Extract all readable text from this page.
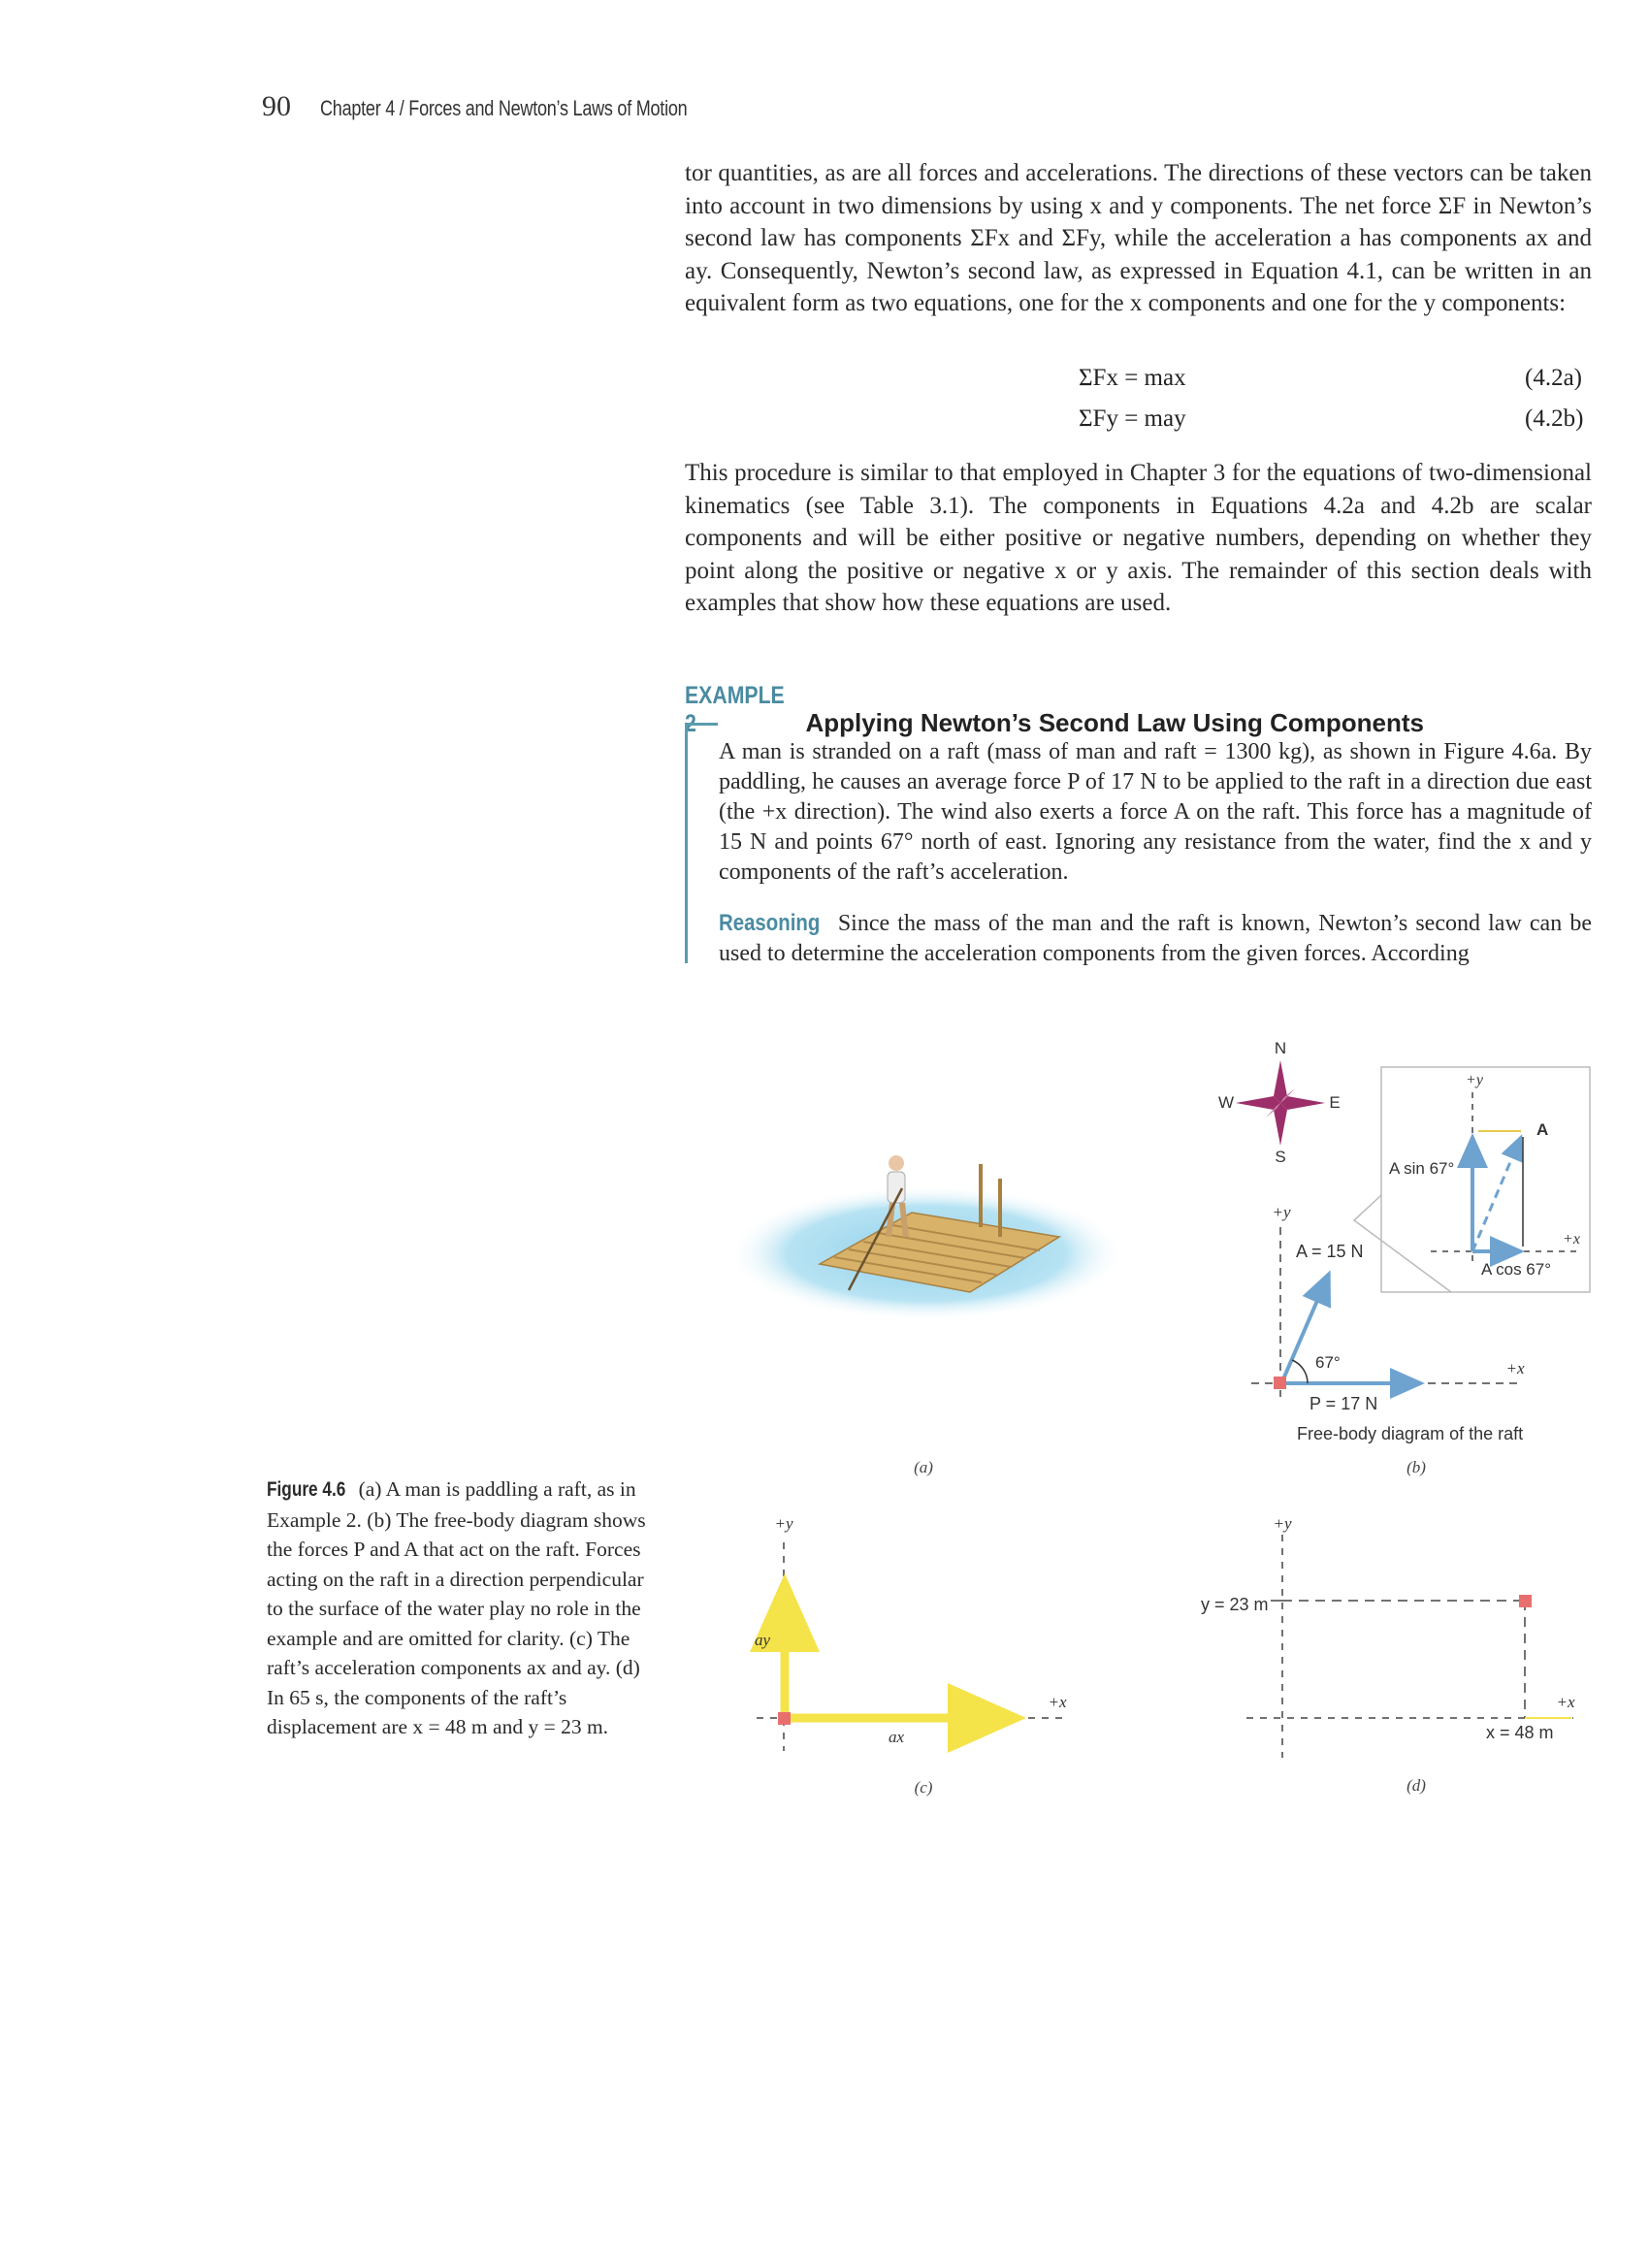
90 Chapter 4 / Forces and Newton’s Laws of Motion

tor quantities, as are all forces and accelerations. The directions of these vectors can be taken into account in two dimensions by using x and y components. The net force ΣF in Newton’s second law has components ΣFx and ΣFy, while the acceleration a has components ax and ay. Consequently, Newton’s second law, as expressed in Equation 4.1, can be written in an equivalent form as two equations, one for the x components and one for the y components:

ΣFx = max	(4.2a)
ΣFy = may	(4.2b)

This procedure is similar to that employed in Chapter 3 for the equations of two-dimensional kinematics (see Table 3.1). The components in Equations 4.2a and 4.2b are scalar components and will be either positive or negative numbers, depending on whether they point along the positive or negative x or y axis. The remainder of this section deals with examples that show how these equations are used.

EXAMPLE Applying Newton’s Second Law Using Components

A man is stranded on a raft (mass of man and raft = 1300 kg), as shown in Figure 4.6a. By paddling, he causes an average force P of 17 N to be applied to the raft in a direction due east (the +x direction). The wind also exerts a force A on the raft. This force has a magnitude of 15 N and points 67° north of east. Ignoring any resistance from the water, find the x and y components of the raft’s acceleration.

Reasoning Since the mass of the man and the raft is known, Newton’s second law can be used to determine the acceleration components from the given forces. According

Figure 4.6 (a) A man is paddling a raft, as in Example 2. (b) The free-body diagram shows the forces P and A that act on the raft. Forces acting on the raft in a direction perpendicular to the surface of the water play no role in the example and are omitted for clarity. (c) The raft’s acceleration components ax and ay. (d) In 65 s, the components of the raft’s displacement are x = 48 m and y = 23 m.
(a)
N
S
E
W
+y
+x
A = 15 N
67°
P = 17 N
Free-body diagram of the raft
(b)
+y
+x
A
A sin 67°
A cos 67°
+y
+x
ay
ax
(c)
+y
+x
y = 23 m
x = 48 m
(d)
